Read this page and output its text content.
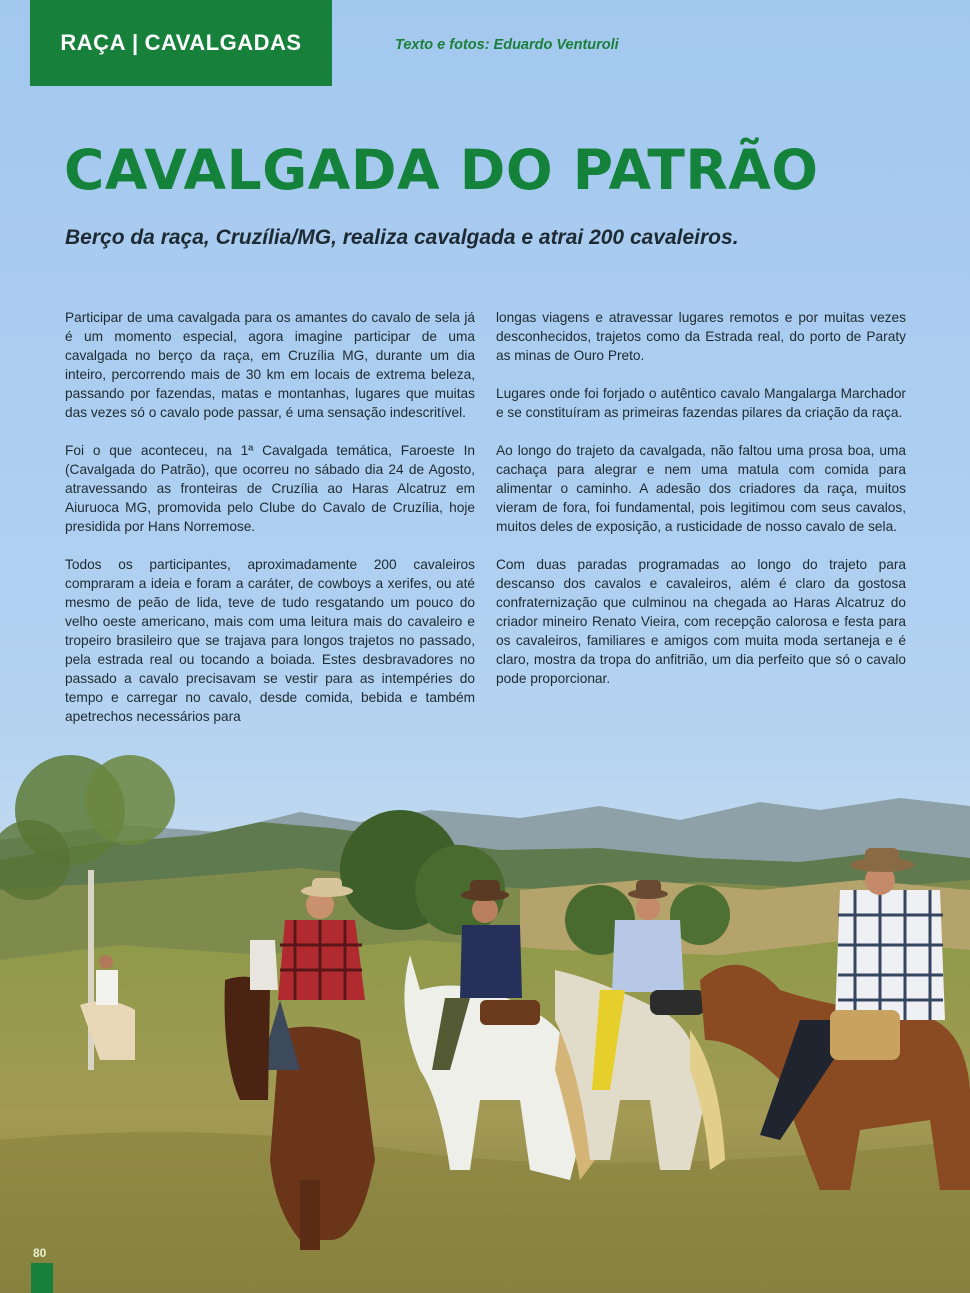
RAÇA | CAVALGADAS	Texto e fotos: Eduardo Venturoli
CAVALGADA DO PATRÃO
Berço da raça, Cruzília/MG, realiza cavalgada e atrai 200 cavaleiros.

Participar de uma cavalgada para os amantes do cavalo de sela já é um momento especial, agora imagine participar de uma cavalgada no berço da raça, em Cruzília MG, durante um dia inteiro, percorrendo mais de 30 km em locais de extrema beleza, passando por fazendas, matas e montanhas, lugares que muitas das vezes só o cavalo pode passar, é uma sensação indescritível.

Foi o que aconteceu, na 1ª Cavalgada temática, Faroeste In (Cavalgada do Patrão), que ocorreu no sábado dia 24 de Agosto, atravessando as fronteiras de Cruzília ao Haras Alcatruz em Aiuruoca MG, promovida pelo Clube do Cavalo de Cruzília, hoje presidida por Hans Norremose.

Todos os participantes, aproximadamente 200 cavaleiros compraram a ideia e foram a caráter, de cowboys a xerifes, ou até mesmo de peão de lida, teve de tudo resgatando um pouco do velho oeste americano, mais com uma leitura mais do cavaleiro e tropeiro brasileiro que se trajava para longos trajetos no passado, pela estrada real ou tocando a boiada. Estes desbravadores no passado a cavalo precisavam se vestir para as intempéries do tempo e carregar no cavalo, desde comida, bebida e também apetrechos necessários para

longas viagens e atravessar lugares remotos e por muitas vezes desconhecidos, trajetos como da Estrada real, do porto de Paraty as minas de Ouro Preto.

Lugares onde foi forjado o autêntico cavalo Mangalarga Marchador e se constituíram as primeiras fazendas pilares da criação da raça.

Ao longo do trajeto da cavalgada, não faltou uma prosa boa, uma cachaça para alegrar e nem uma matula com comida para alimentar o caminho. A adesão dos criadores da raça, muitos vieram de fora, foi fundamental, pois legitimou com seus cavalos, muitos deles de exposição, a rusticidade de nosso cavalo de sela.

Com duas paradas programadas ao longo do trajeto para descanso dos cavalos e cavaleiros, além é claro da gostosa confraternização que culminou na chegada ao Haras Alcatruz do criador mineiro Renato Vieira, com recepção calorosa e festa para os cavaleiros, familiares e amigos com muita moda sertaneja e é claro, mostra da tropa do anfitrião, um dia perfeito que só o cavalo pode proporcionar.

80
